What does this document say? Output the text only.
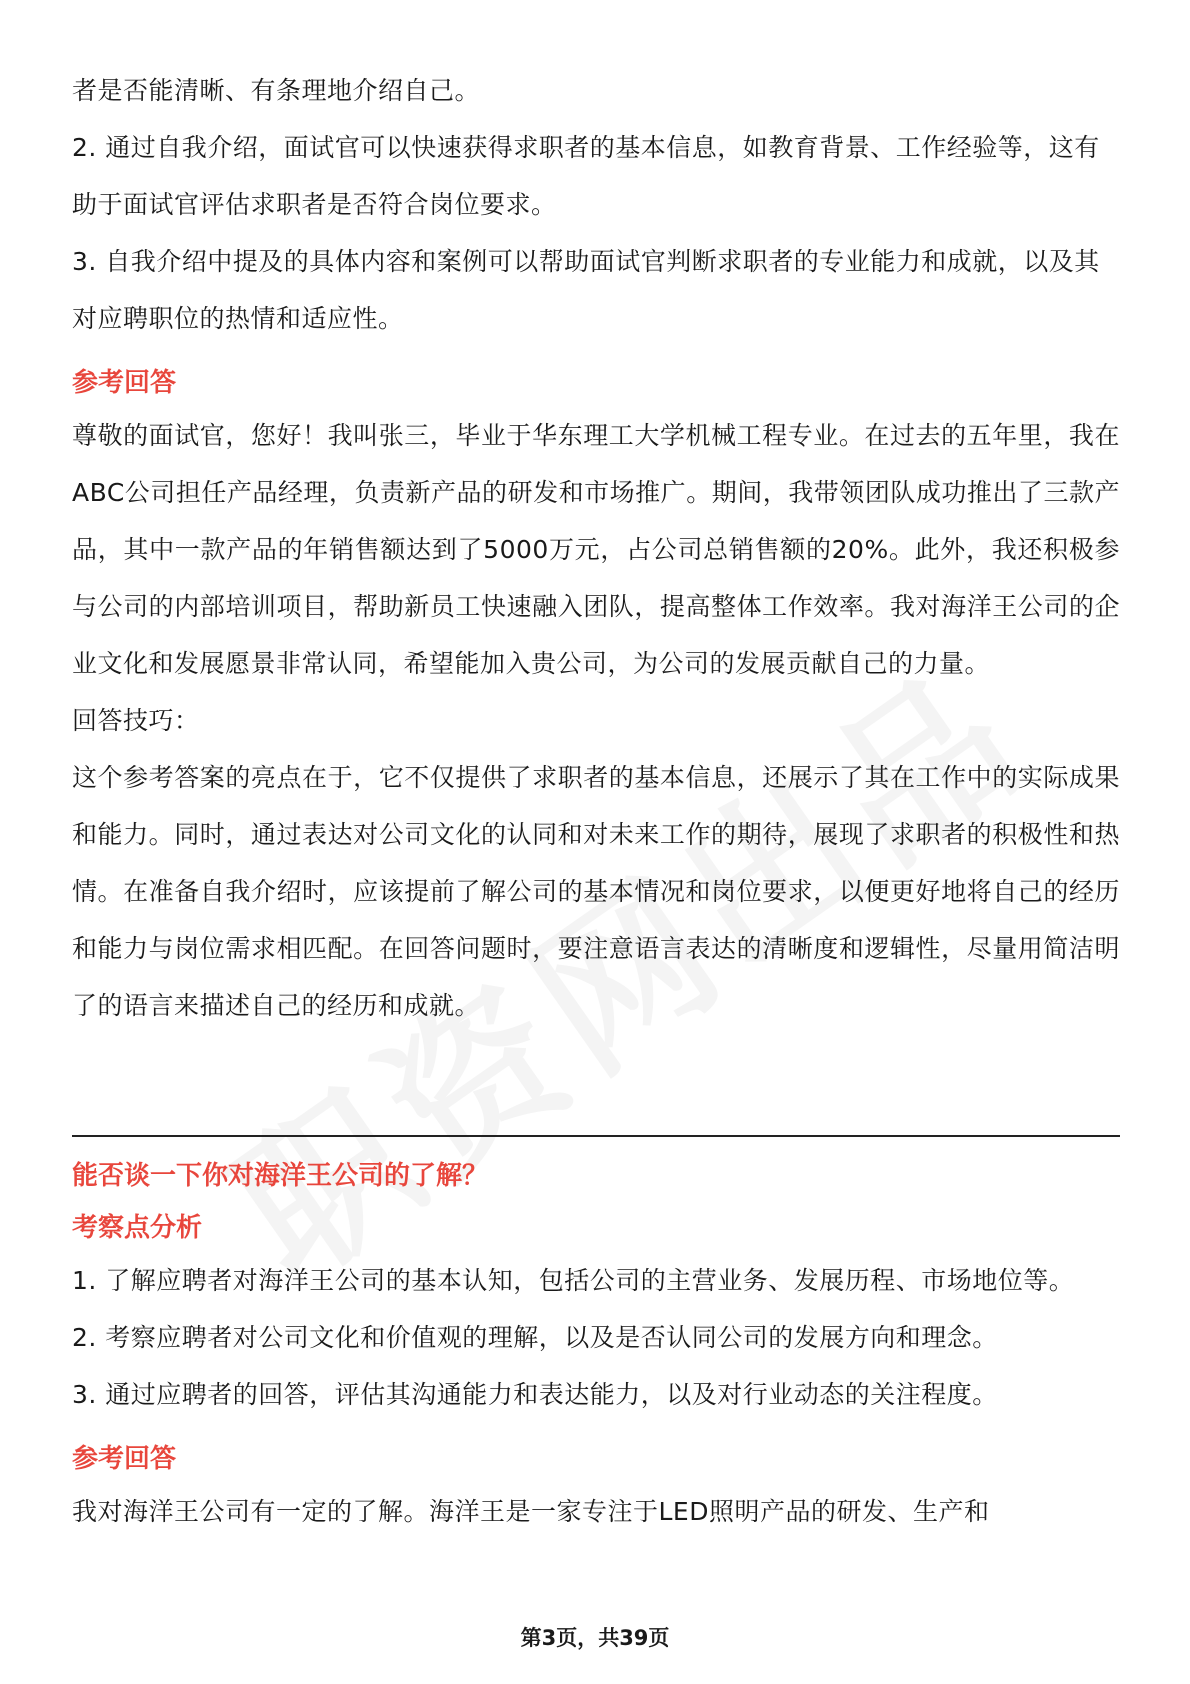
者是否能清晰、有条理地介绍自己。

2. 通过自我介绍，面试官可以快速获得求职者的基本信息，如教育背景、工作经验等，这有助于面试官评估求职者是否符合岗位要求。

3. 自我介绍中提及的具体内容和案例可以帮助面试官判断求职者的专业能力和成就，以及其对应聘职位的热情和适应性。

参考回答

尊敬的面试官，您好！我叫张三，毕业于华东理工大学机械工程专业。在过去的五年里，我在ABC公司担任产品经理，负责新产品的研发和市场推广。期间，我带领团队成功推出了三款产品，其中一款产品的年销售额达到了5000万元，占公司总销售额的20%。此外，我还积极参与公司的内部培训项目，帮助新员工快速融入团队，提高整体工作效率。我对海洋王公司的企业文化和发展愿景非常认同，希望能加入贵公司，为公司的发展贡献自己的力量。

回答技巧：

这个参考答案的亮点在于，它不仅提供了求职者的基本信息，还展示了其在工作中的实际成果和能力。同时，通过表达对公司文化的认同和对未来工作的期待，展现了求职者的积极性和热情。在准备自我介绍时，应该提前了解公司的基本情况和岗位要求，以便更好地将自己的经历和能力与岗位需求相匹配。在回答问题时，要注意语言表达的清晰度和逻辑性，尽量用简洁明了的语言来描述自己的经历和成就。

能否谈一下你对海洋王公司的了解？

考察点分析

1. 了解应聘者对海洋王公司的基本认知，包括公司的主营业务、发展历程、市场地位等。

2. 考察应聘者对公司文化和价值观的理解，以及是否认同公司的发展方向和理念。

3. 通过应聘者的回答，评估其沟通能力和表达能力，以及对行业动态的关注程度。

参考回答

我对海洋王公司有一定的了解。海洋王是一家专注于LED照明产品的研发、生产和

第3页，共39页
